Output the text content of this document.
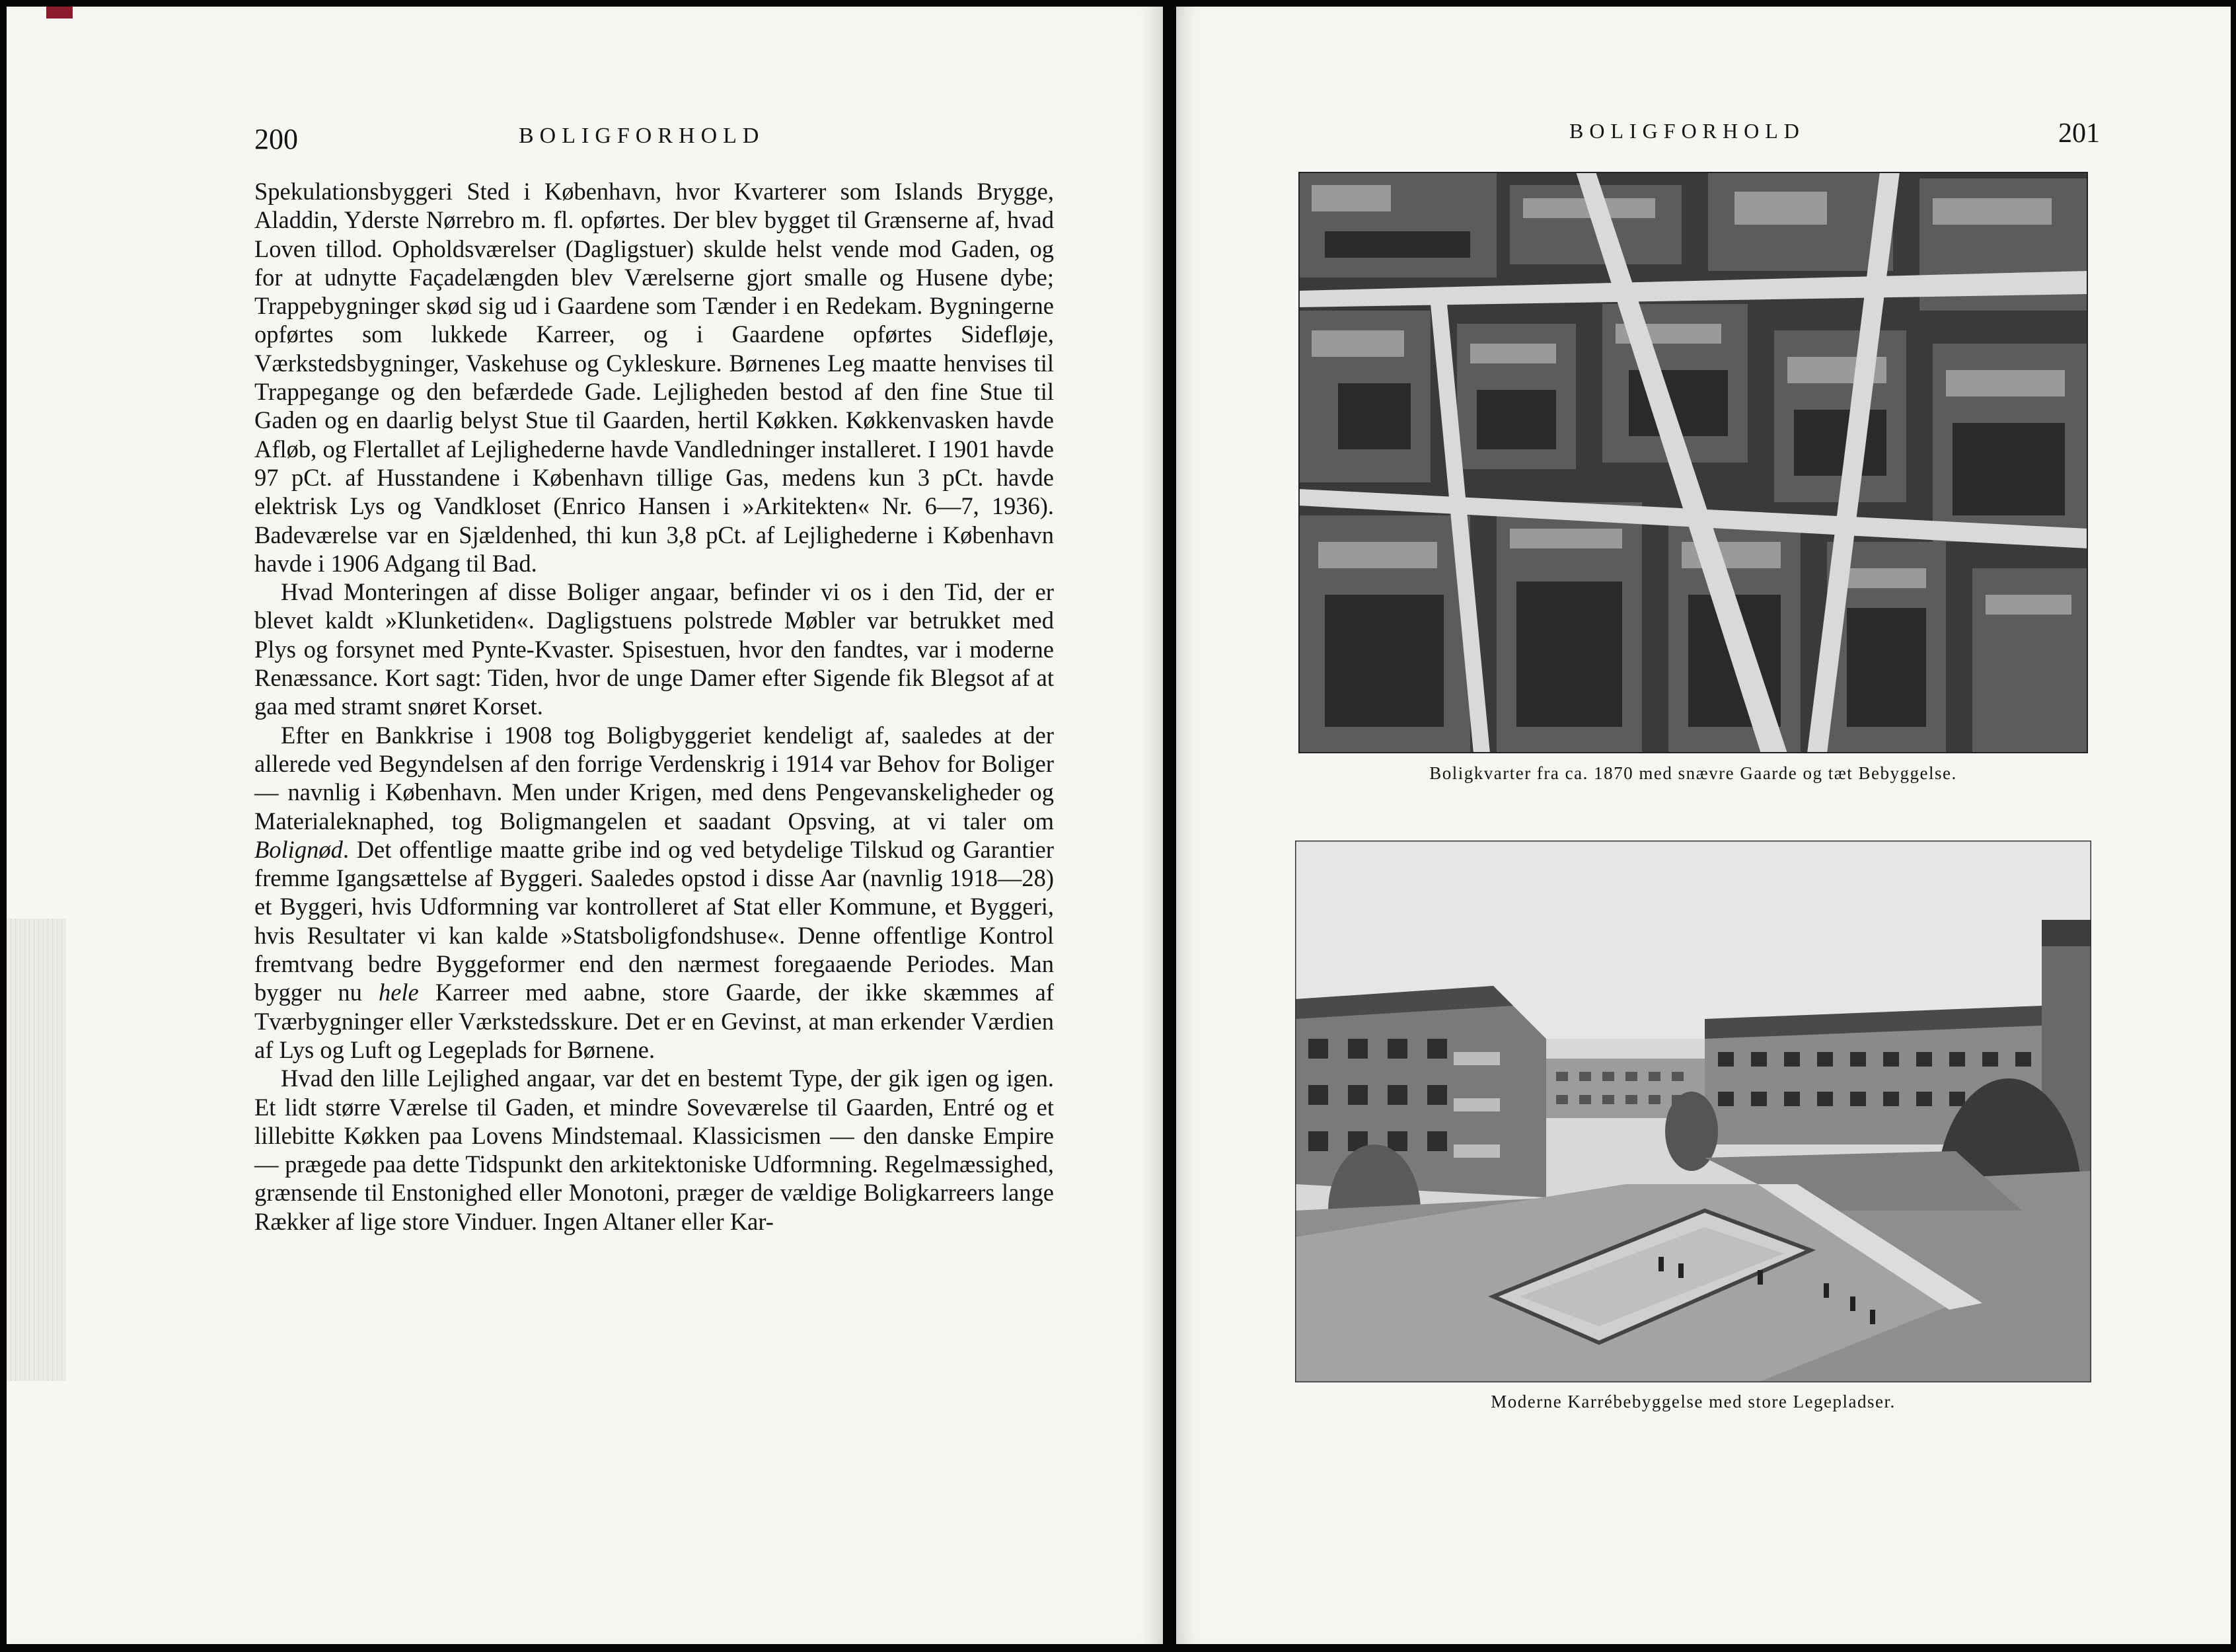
200	BOLIGFORHOLD

Spekulationsbyggeri Sted i København, hvor Kvarterer som Islands Brygge, Aladdin, Yderste Nørrebro m. fl. opførtes. Der blev bygget til Grænserne af, hvad Loven tillod. Opholdsværelser (Dagligstuer) skulde helst vende mod Gaden, og for at udnytte Façadelængden blev Værelserne gjort smalle og Husene dybe; Trappebygninger skød sig ud i Gaardene som Tænder i en Redekam. Bygningerne opførtes som lukkede Karreer, og i Gaardene opførtes Sidefløje, Værkstedsbygninger, Vaskehuse og Cykleskure. Børnenes Leg maatte henvises til Trappegange og den befærdede Gade. Lejligheden bestod af den fine Stue til Gaden og en daarlig belyst Stue til Gaarden, hertil Køkken. Køkkenvasken havde Afløb, og Flertallet af Lejlighederne havde Vandledninger installeret. I 1901 havde 97 pCt. af Husstandene i København tillige Gas, medens kun 3 pCt. havde elektrisk Lys og Vandkloset (Enrico Hansen i »Arkitekten« Nr. 6—7, 1936). Badeværelse var en Sjældenhed, thi kun 3,8 pCt. af Lejlighederne i København havde i 1906 Adgang til Bad.

Hvad Monteringen af disse Boliger angaar, befinder vi os i den Tid, der er blevet kaldt »Klunketiden«. Dagligstuens polstrede Møbler var betrukket med Plys og forsynet med Pynte-Kvaster. Spisestuen, hvor den fandtes, var i moderne Renæssance. Kort sagt: Tiden, hvor de unge Damer efter Sigende fik Blegsot af at gaa med stramt snøret Korset.

Efter en Bankkrise i 1908 tog Boligbyggeriet kendeligt af, saaledes at der allerede ved Begyndelsen af den forrige Verdenskrig i 1914 var Behov for Boliger — navnlig i København. Men under Krigen, med dens Pengevanskeligheder og Materialeknaphed, tog Boligmangelen et saadant Opsving, at vi taler om Bolignød. Det offentlige maatte gribe ind og ved betydelige Tilskud og Garantier fremme Igangsættelse af Byggeri. Saaledes opstod i disse Aar (navnlig 1918—28) et Byggeri, hvis Udformning var kontrolleret af Stat eller Kommune, et Byggeri, hvis Resultater vi kan kalde »Statsboligfondshuse«. Denne offentlige Kontrol fremtvang bedre Byggeformer end den nærmest foregaaende Periodes. Man bygger nu hele Karreer med aabne, store Gaarde, der ikke skæmmes af Tværbygninger eller Værkstedsskure. Det er en Gevinst, at man erkender Værdien af Lys og Luft og Legeplads for Børnene.

Hvad den lille Lejlighed angaar, var det en bestemt Type, der gik igen og igen. Et lidt større Værelse til Gaden, et mindre Soveværelse til Gaarden, Entré og et lillebitte Køkken paa Lovens Mindstemaal. Klassicismen — den danske Empire — prægede paa dette Tidspunkt den arkitektoniske Udformning. Regelmæssighed, grænsende til Enstonighed eller Monotoni, præger de vældige Boligkarreers lange Rækker af lige store Vinduer. Ingen Altaner eller Kar-

BOLIGFORHOLD	201
Boligkvarter fra ca. 1870 med snævre Gaarde og tæt Bebyggelse.
Moderne Karrébebyggelse med store Legepladser.
